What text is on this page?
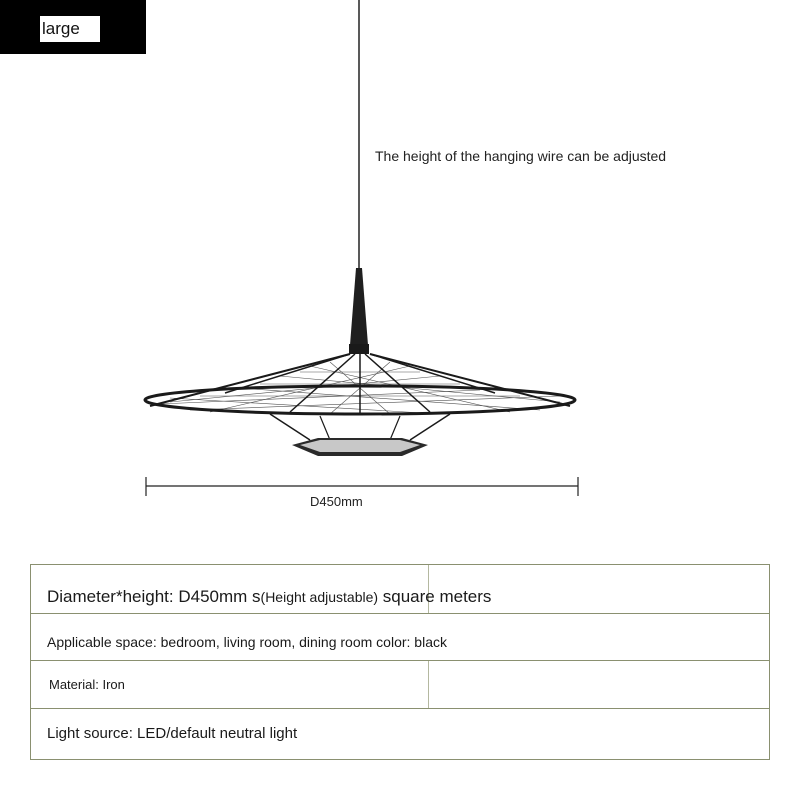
large
The height of the hanging wire can be adjusted
D450mm
Diameter*height: D450mm s(Height adjustable) square meters
Applicable space: bedroom, living room, dining room color: black
Material: Iron
Light source: LED/default neutral light
